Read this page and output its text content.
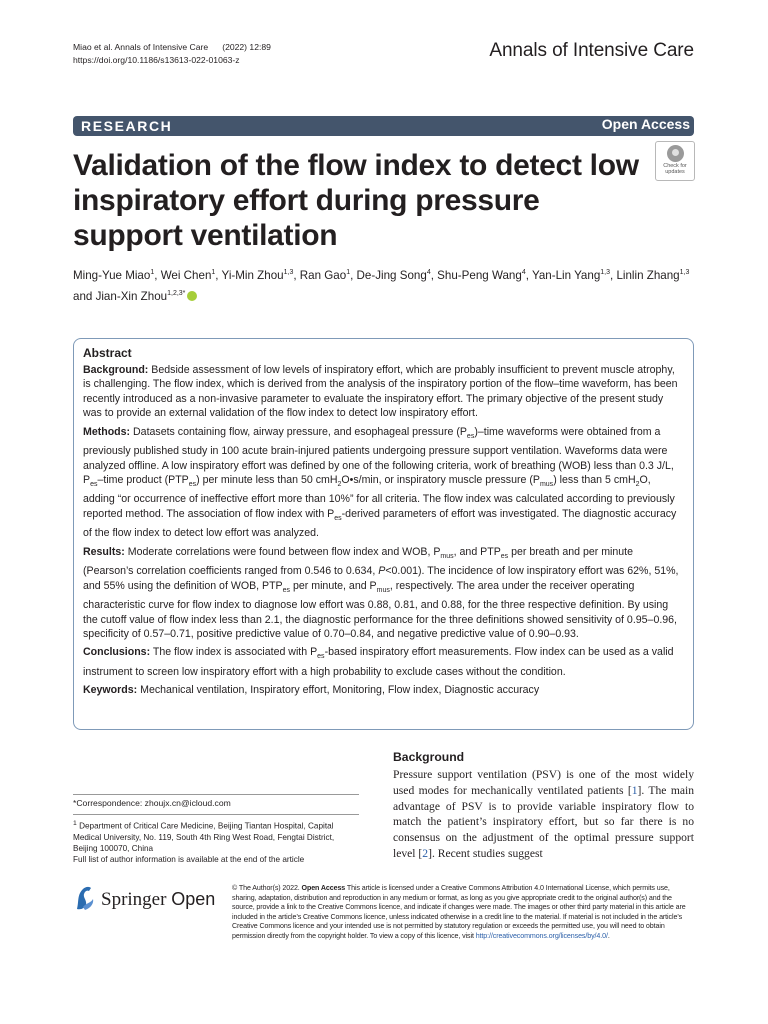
Miao et al. Annals of Intensive Care (2022) 12:89
https://doi.org/10.1186/s13613-022-01063-z	Annals of Intensive Care
RESEARCH	Open Access
Validation of the flow index to detect low inspiratory effort during pressure support ventilation
Check for
updates
Ming-Yue Miao$^1$, Wei Chen$^1$, Yi-Min Zhou$^{1,3}$, Ran Gao$^1$, De-Jing Song$^4$, Shu-Peng Wang$^4$, Yan-Lin Yang$^{1,3}$, Linlin Zhang$^{1,3}$ and Jian-Xin Zhou$^{1,2,3*}$
Abstract

Background: Bedside assessment of low levels of inspiratory effort, which are probably insufficient to prevent muscle atrophy, is challenging. The flow index, which is derived from the analysis of the inspiratory portion of the flow–time waveform, has been recently introduced as a non-invasive parameter to evaluate the inspiratory effort. The primary objective of the present study was to provide an external validation of the flow index to detect low inspiratory effort.

Methods: Datasets containing flow, airway pressure, and esophageal pressure $(P_{es})$–time waveforms were obtained from a previously published study in 100 acute brain-injured patients undergoing pressure support ventilation. Waveforms data were analyzed offline. A low inspiratory effort was defined by one of the following criteria, work of breathing (WOB) less than 0.3 J/L, $P_{es}$–time product $(PTP_{es})$ per minute less than 50 cmH$_2$O•s/min, or inspiratory muscle pressure $(P_{mus})$ less than 5 cmH$_2$O, adding “or occurrence of ineffective effort more than 10%” for all criteria. The flow index was calculated according to previously reported method. The association of flow index with $P_{es}$-derived parameters of effort was investigated. The diagnostic accuracy of the flow index to detect low effort was analyzed.

Results: Moderate correlations were found between flow index and WOB, $P_{mus}$, and $PTP_{es}$ per breath and per minute (Pearson’s correlation coefficients ranged from 0.546 to 0.634, P<0.001). The incidence of low inspiratory effort was 62%, 51%, and 55% using the definition of WOB, $PTP_{es}$ per minute, and $P_{mus}$, respectively. The area under the receiver operating characteristic curve for flow index to diagnose low effort was 0.88, 0.81, and 0.88, for the three respective definition. By using the cutoff value of flow index less than 2.1, the diagnostic performance for the three definitions showed sensitivity of 0.95–0.96, specificity of 0.57–0.71, positive predictive value of 0.70–0.84, and negative predictive value of 0.90–0.93.

Conclusions: The flow index is associated with $P_{es}$-based inspiratory effort measurements. Flow index can be used as a valid instrument to screen low inspiratory effort with a high probability to exclude cases without the condition.

Keywords: Mechanical ventilation, Inspiratory effort, Monitoring, Flow index, Diagnostic accuracy

*Correspondence: zhoujx.cn@icloud.com
$^1$ Department of Critical Care Medicine, Beijing Tiantan Hospital, Capital Medical University, No. 119, South 4th Ring West Road, Fengtai District, Beijing 100070, China
Full list of author information is available at the end of the article
Background

Pressure support ventilation (PSV) is one of the most widely used modes for mechanically ventilated patients [1]. The main advantage of PSV is to provide variable inspiratory flow to match the patient’s inspiratory effort, but so far there is no consensus on the adjustment of the optimal pressure support level [2]. Recent studies suggest

Springer Open
© The Author(s) 2022. Open Access This article is licensed under a Creative Commons Attribution 4.0 International License, which permits use, sharing, adaptation, distribution and reproduction in any medium or format, as long as you give appropriate credit to the original author(s) and the source, provide a link to the Creative Commons licence, and indicate if changes were made. The images or other third party material in this article are included in the article’s Creative Commons licence, unless indicated otherwise in a credit line to the material. If material is not included in the article’s Creative Commons licence and your intended use is not permitted by statutory regulation or exceeds the permitted use, you will need to obtain permission directly from the copyright holder. To view a copy of this licence, visit http://creativecommons.org/licenses/by/4.0/.
